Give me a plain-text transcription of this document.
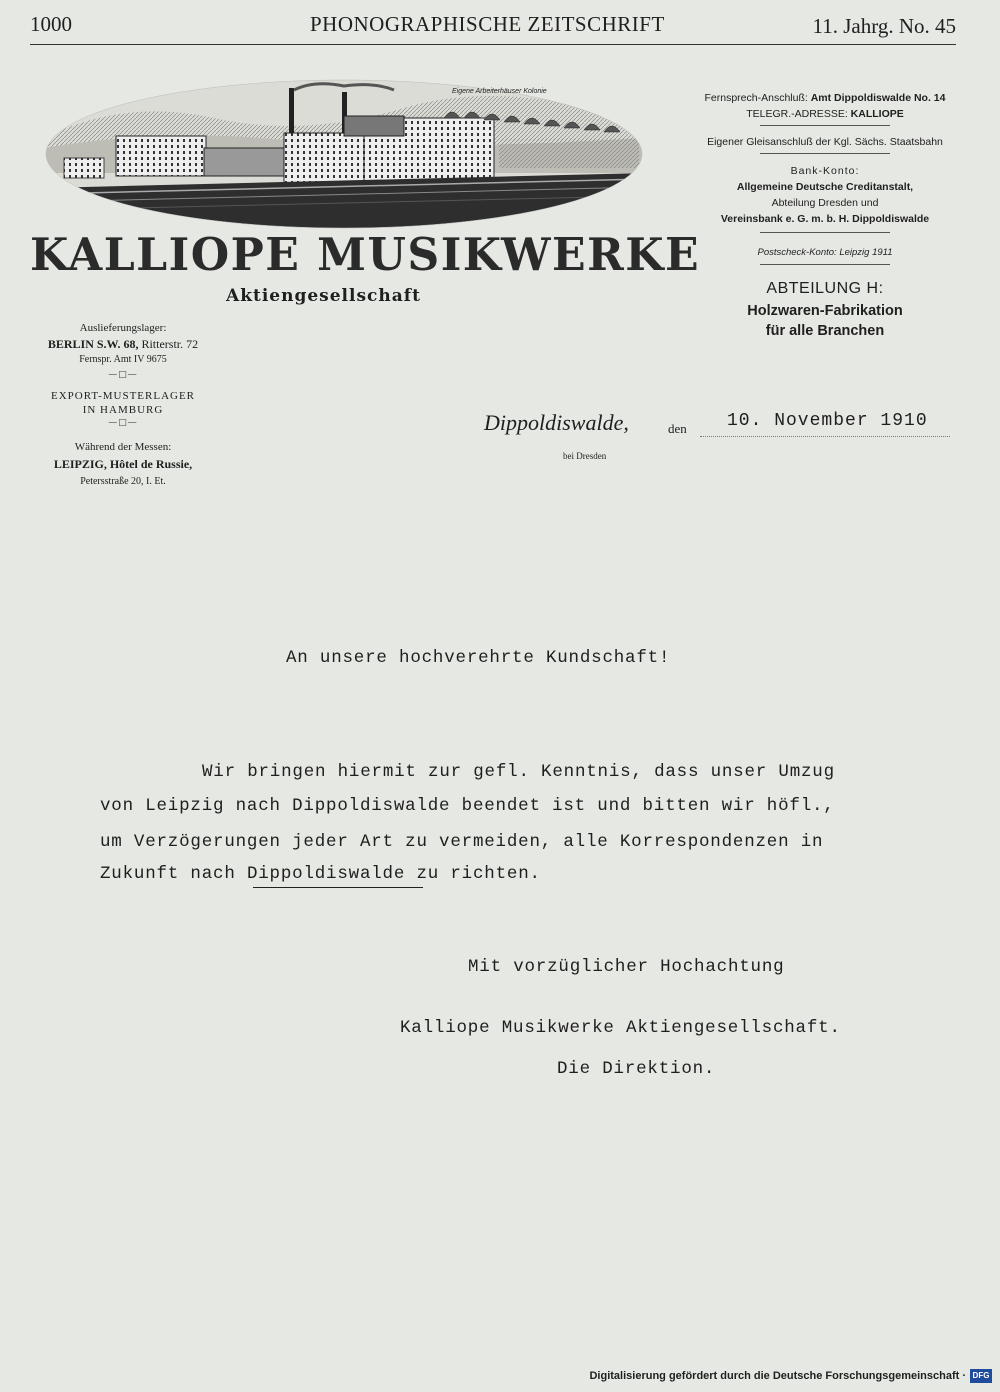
1000	PHONOGRAPHISCHE ZEITSCHRIFT	11. Jahrg. No. 45
Eigene Arbeiterhäuser Kolonie
KALLIOPE MUSIKWERKE
Aktiengesellschaft
Auslieferungslager:
BERLIN S.W. 68, Ritterstr. 72
Fernspr. Amt IV 9675
—□—
EXPORT-MUSTERLAGER
IN HAMBURG
—□—
Während der Messen:
LEIPZIG, Hôtel de Russie,
Petersstraße 20, I. Et.
Fernsprech-Anschluß: Amt Dippoldiswalde No. 14
TELEGR.-ADRESSE: KALLIOPE
Eigener Gleisanschluß der Kgl. Sächs. Staatsbahn
Bank-Konto:
Allgemeine Deutsche Creditanstalt,
Abteilung Dresden und
Vereinsbank e. G. m. b. H. Dippoldiswalde
Postscheck-Konto: Leipzig 1911
ABTEILUNG H:
Holzwaren-Fabrikation
für alle Branchen
Dippoldiswalde,	den
bei Dresden
10. November 1910
An unsere hochverehrte Kundschaft!
Wir bringen hiermit zur gefl. Kenntnis, dass unser Umzug
von Leipzig nach Dippoldiswalde beendet ist und bitten wir höfl.,
um Verzögerungen jeder Art zu vermeiden, alle Korrespondenzen in
Zukunft nach Dippoldiswalde zu richten.
Mit vorzüglicher Hochachtung
Kalliope Musikwerke Aktiengesellschaft.
Die Direktion.
Digitalisierung gefördert durch die Deutsche Forschungsgemeinschaft · DFG
